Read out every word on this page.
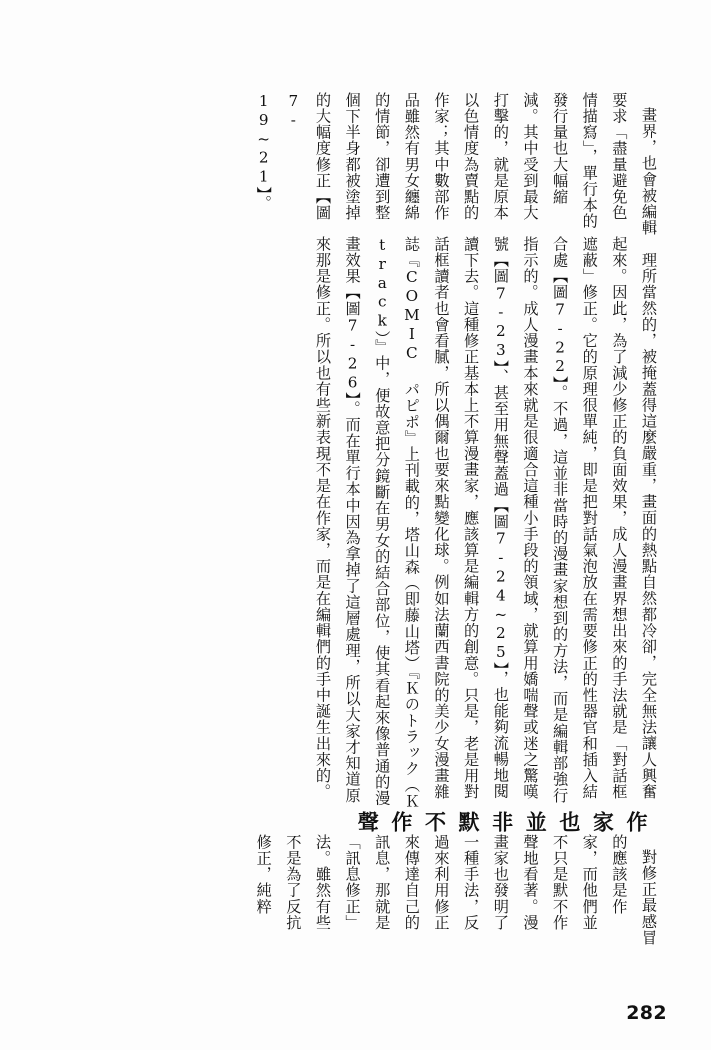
畫界，也會被編輯要求「盡量避免色情描寫」，單行本的發行量也大幅縮減。其中受到最大打擊的，就是原本以色情度為賣點的作家；其中數部作品雖然有男女纏綿的情節，卻遭到整個下半身都被塗掉的大幅度修正【圖7-19~21】。
理所當然的，被掩蓋得這麼嚴重，畫面的熱點自然都冷卻，完全無法讓人興奮起來。因此，為了減少修正的負面效果，成人漫畫界想出來的手法就是「對話框遮蔽」修正。它的原理很單純，即是把對話氣泡放在需要修正的性器官和插入結合處【圖7-22】。不過，這並非當時的漫畫家想到的方法，而是編輯部強行指示的。成人漫畫本來就是很適合這種小手段的領域，就算用嬌喘聲或迷之驚嘆號【圖7-23】、甚至用無聲蓋過【圖7-24~25】，也能夠流暢地閱讀下去。這種修正基本上不算漫畫家，應該算是編輯方的創意。只是，老是用對話框讀者也會看膩，所以偶爾也要來點變化球。例如法蘭西書院的美少女漫畫雜誌『COMIC パピポ』上刊載的，塔山森（即藤山塔）『Ｋのトラック（Ｋ track）』中，便故意把分鏡斷在男女的結合部位，使其看起來像普通的漫畫效果【圖7-26】。而在單行本中因為拿掉了這層處理，所以大家才知道原來那是修正。所以也有些新表現不是在作家，而是在編輯們的手中誕生出來的。
作家也並非默不作聲
對修正最感冒的應該是作家，而他們並不只是默不作聲地看著。漫畫家也發明了一種手法，反過來利用修正來傳達自己的訊息，那就是「訊息修正」法。雖然有些不是為了反抗修正，純粹
282
